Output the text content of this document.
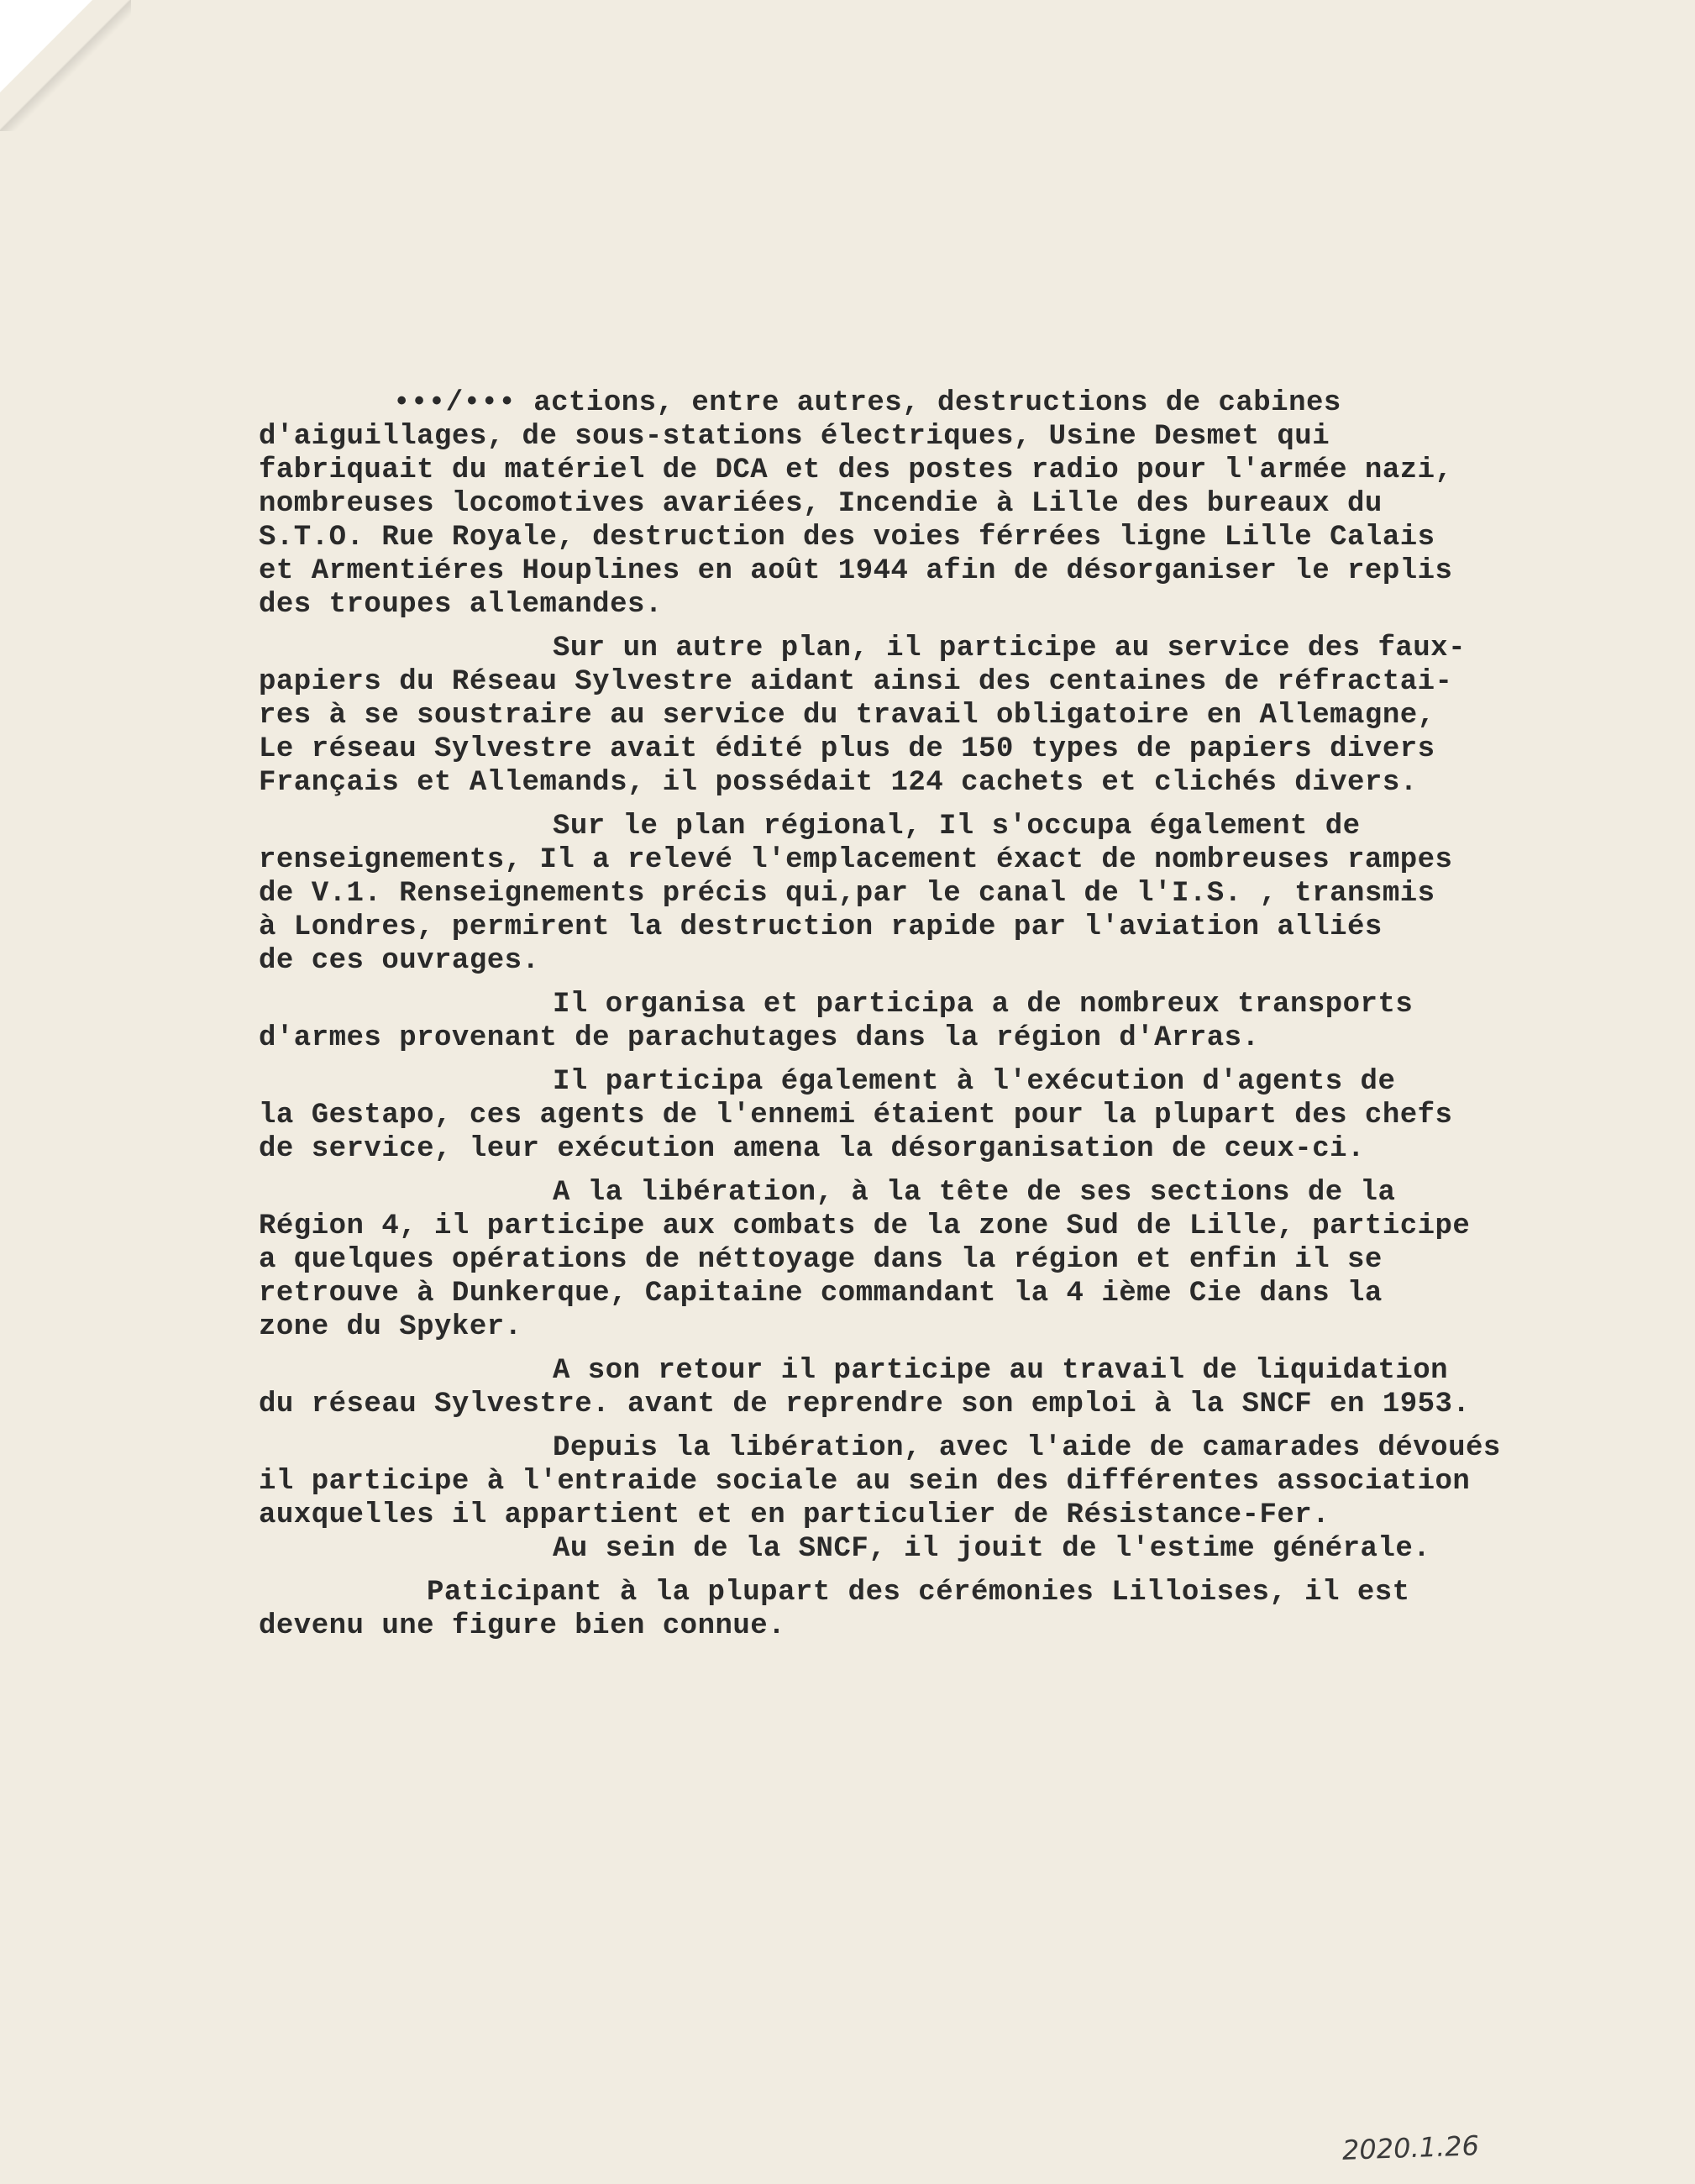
•••/••• actions, entre autres, destructions de cabines
d'aiguillages, de sous-stations électriques, Usine Desmet qui
fabriquait du matériel de DCA et des postes radio pour l'armée nazi,
nombreuses locomotives avariées, Incendie à Lille des bureaux du
S.T.O. Rue Royale, destruction des voies férrées ligne Lille Calais
et Armentiéres Houplines en août 1944 afin de désorganiser le replis
des troupes allemandes.
Sur un autre plan, il participe au service des faux-
papiers du Réseau Sylvestre aidant ainsi des centaines de réfractai-
res à se soustraire au service du travail obligatoire en Allemagne,
Le réseau Sylvestre avait édité plus de 150 types de papiers divers
Français et Allemands, il possédait 124 cachets et clichés divers.
Sur le plan régional, Il s'occupa également de
renseignements, Il a relevé l'emplacement éxact de nombreuses rampes
de V.1. Renseignements précis qui,par le canal de l'I.S. , transmis
à Londres, permirent la destruction rapide par l'aviation alliés
de ces ouvrages.
Il organisa et participa a de nombreux transports
d'armes provenant de parachutages dans la région d'Arras.
Il participa également à l'exécution d'agents de
la Gestapo, ces agents de l'ennemi étaient pour la plupart des chefs
de service, leur exécution amena la désorganisation de ceux-ci.
A la libération, à la tête de ses sections de la
Région 4, il participe aux combats de la zone Sud de Lille, participe
a quelques opérations de néttoyage dans la région et enfin il se
retrouve à Dunkerque, Capitaine commandant la 4 ième Cie dans la
zone du Spyker.
A son retour il participe au travail de liquidation
du réseau Sylvestre. avant de reprendre son emploi à la SNCF en 1953.
Depuis la libération, avec l'aide de camarades dévoués
il participe à l'entraide sociale au sein des différentes association
auxquelles il appartient et en particulier de Résistance-Fer.
Au sein de la SNCF, il jouit de l'estime générale.
Paticipant à la plupart des cérémonies Lilloises, il est
devenu une figure bien connue.
2020.1.26
